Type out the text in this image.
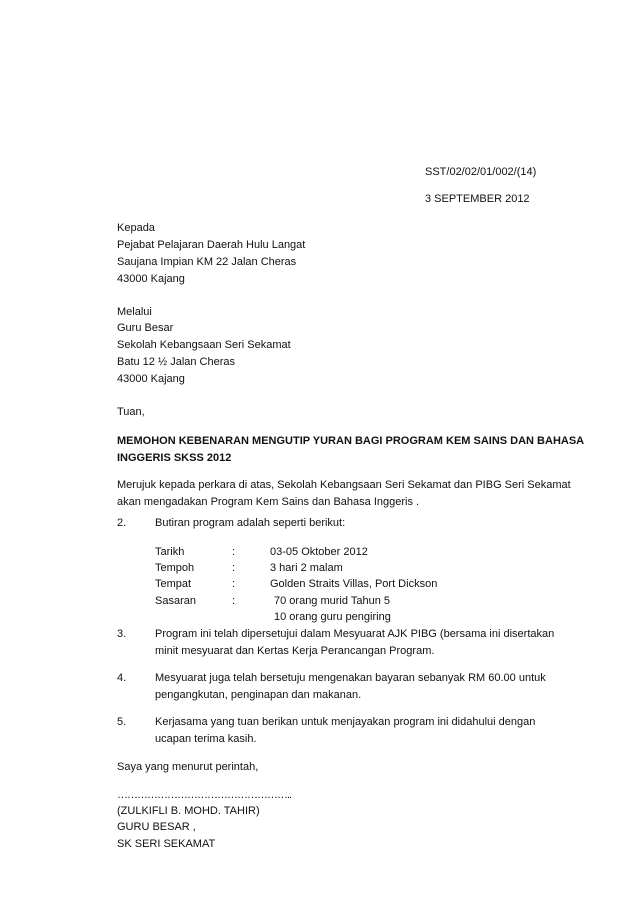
SST/02/02/01/002/(14)
3 SEPTEMBER 2012
Kepada
Pejabat Pelajaran Daerah Hulu Langat
Saujana Impian KM 22 Jalan Cheras
43000 Kajang
Melalui
Guru Besar
Sekolah Kebangsaan Seri Sekamat
Batu 12 ½ Jalan Cheras
43000 Kajang
Tuan,
MEMOHON KEBENARAN MENGUTIP YURAN BAGI PROGRAM KEM SAINS DAN BAHASA
INGGERIS SKSS 2012
Merujuk kepada perkara di atas, Sekolah Kebangsaan Seri Sekamat dan PIBG Seri Sekamat
akan mengadakan Program Kem Sains dan Bahasa Inggeris .
2.	Butiran program adalah seperti berikut:
Tarikh	:	03-05 Oktober 2012
Tempoh	:	3 hari 2 malam
Tempat	:	Golden Straits Villas, Port Dickson
Sasaran	:	70 orang murid Tahun 5
10 orang guru pengiring
3.	Program ini telah dipersetujui dalam Mesyuarat AJK PIBG (bersama ini disertakan
minit mesyuarat dan Kertas Kerja Perancangan Program.
4.	Mesyuarat juga telah bersetuju mengenakan bayaran sebanyak RM 60.00 untuk
pengangkutan, penginapan dan makanan.
5.	Kerjasama yang tuan berikan untuk menjayakan program ini didahului dengan
ucapan terima kasih.
Saya yang menurut perintah,
……………………………………………..
(ZULKIFLI B. MOHD. TAHIR)
GURU BESAR ,
SK SERI SEKAMAT
